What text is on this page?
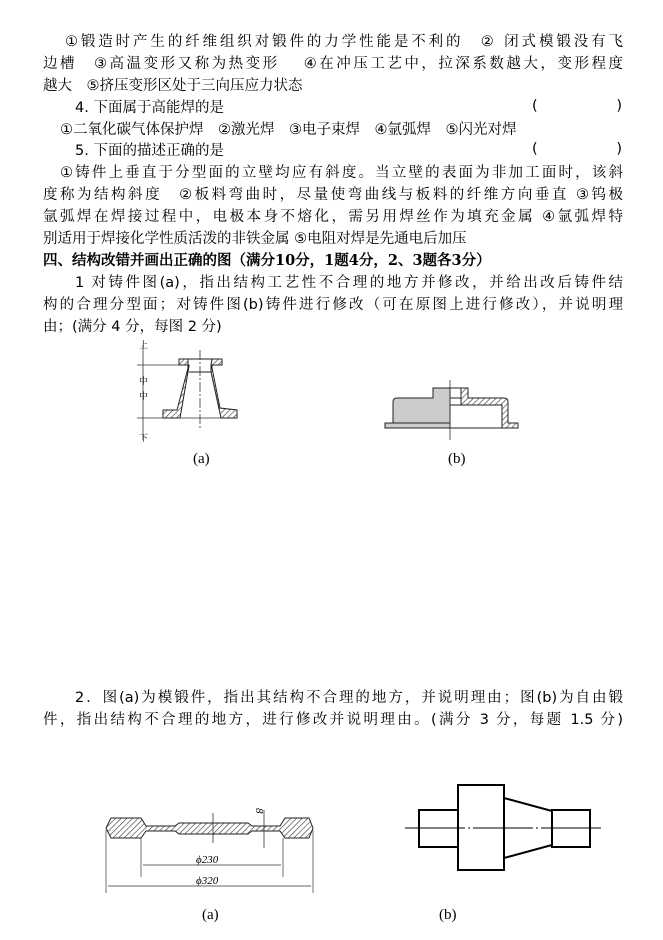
①锻造时产生的纤维组织对锻件的力学性能是不利的　② 闭式模锻没有飞
边槽　③高温变形又称为热变形　 ④在冲压工艺中，拉深系数越大，变形程度
越大　⑤挤压变形区处于三向压应力状态
4. 下面属于高能焊的是	(	)
①二氧化碳气体保护焊　②激光焊　③电子束焊　④氩弧焊　⑤闪光对焊
5. 下面的描述正确的是	(	)
①铸件上垂直于分型面的立壁均应有斜度。当立壁的表面为非加工面时，该斜
度称为结构斜度　②板料弯曲时，尽量使弯曲线与板料的纤维方向垂直 ③钨极
氩弧焊在焊接过程中，电极本身不熔化，需另用焊丝作为填充金属 ④氩弧焊特
别适用于焊接化学性质活泼的非铁金属 ⑤电阻对焊是先通电后加压
四、结构改错并画出正确的图（满分10分，1题4分，2、3题各3分）
1 对铸件图(a)，指出结构工艺性不合理的地方并修改，并给出改后铸件结
构的合理分型面；对铸件图(b)铸件进行修改（可在原图上进行修改），并说明理
由；(满分 4 分，每图 2 分)
2．图(a)为模锻件，指出其结构不合理的地方，并说明理由；图(b)为自由锻
件，指出结构不合理的地方，进行修改并说明理由。(满分 3 分，每题 1.5 分)
上
中
中
下
ϕ230
ϕ320
8
(a)	(b)
(a)	(b)
